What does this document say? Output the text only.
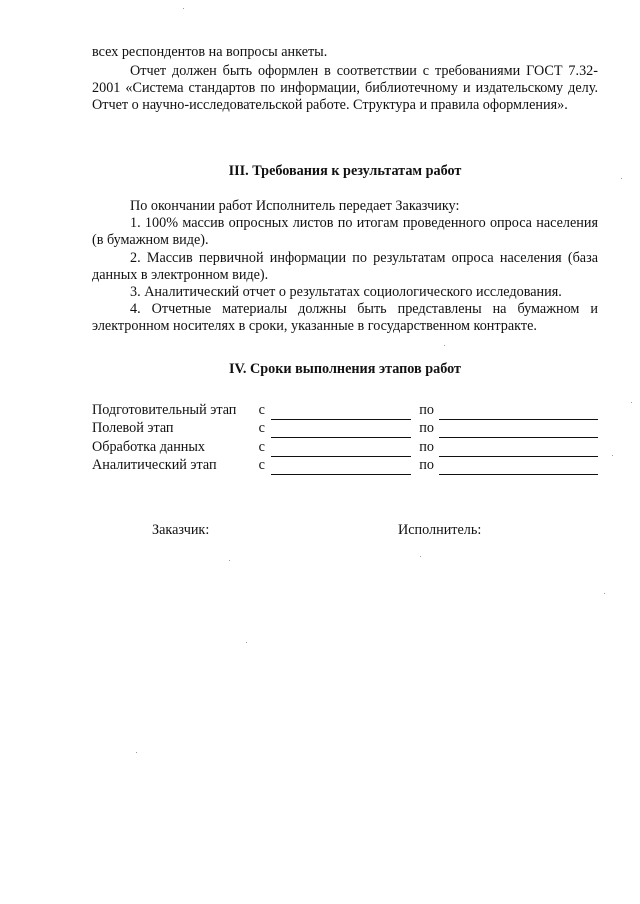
всех респондентов на вопросы анкеты.

Отчет должен быть оформлен в соответствии с требованиями ГОСТ 7.32-2001 «Система стандартов по информации, библиотечному и издательскому делу. Отчет о научно-исследовательской работе. Структура и правила оформления».

III. Требования к результатам работ

По окончании работ Исполнитель передает Заказчику:

1. 100% массив опросных листов по итогам проведенного опроса населения (в бумажном виде).

2. Массив первичной информации по результатам опроса населения (база данных в электронном виде).

3. Аналитический отчет о результатах социологического исследования.

4. Отчетные материалы должны быть представлены на бумажном и электронном носителях в сроки, указанные в государственном контракте.

IV. Сроки выполнения этапов работ
Подготовительный этап	с			по	
Полевой этап	с			по	
Обработка данных	с			по	
Аналитический этап	с			по	

Заказчик:	Исполнитель:
